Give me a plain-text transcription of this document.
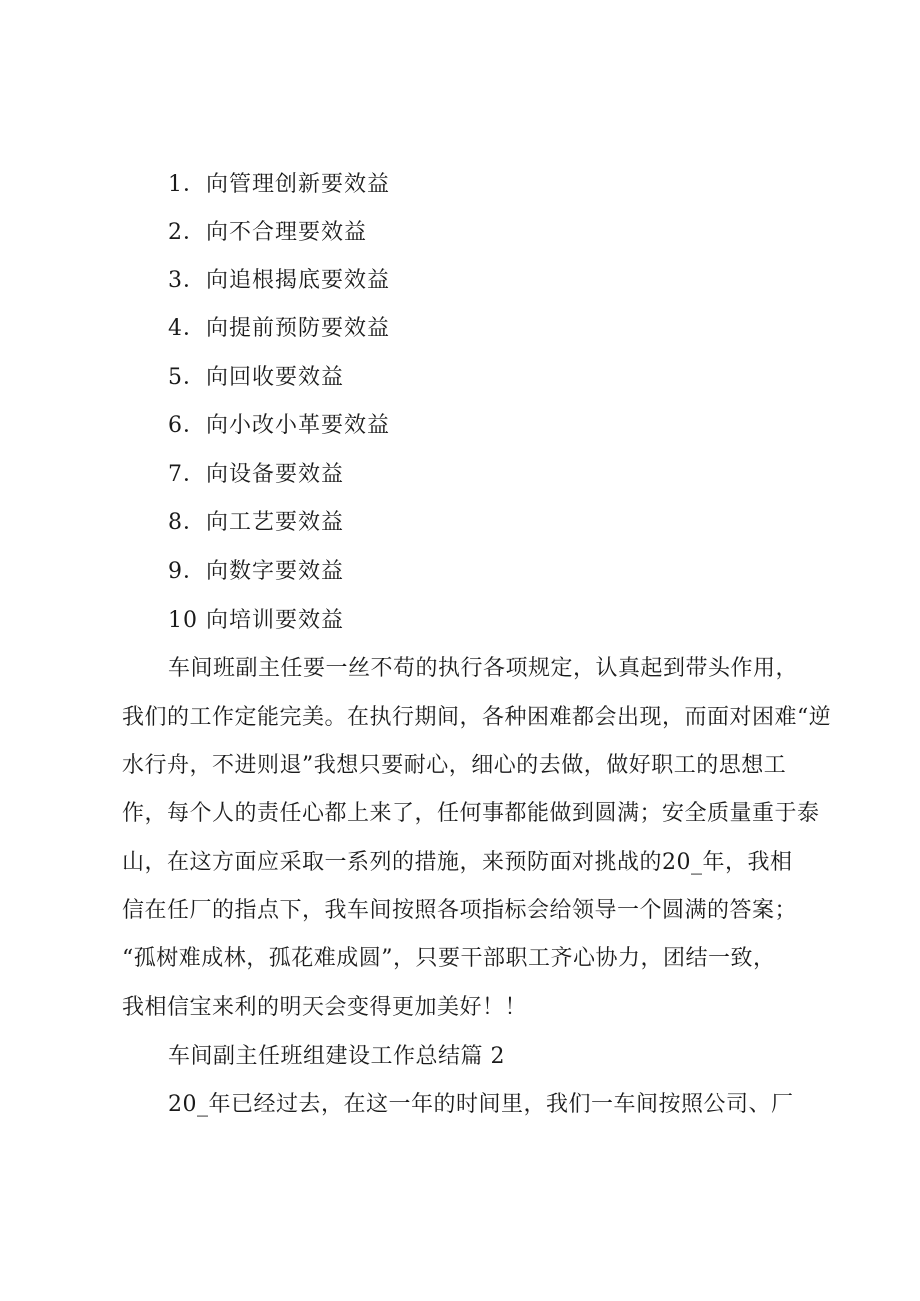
1．向管理创新要效益
2．向不合理要效益
3．向追根揭底要效益
4．向提前预防要效益
5．向回收要效益
6．向小改小革要效益
7．向设备要效益
8．向工艺要效益
9．向数字要效益
10 向培训要效益
车间班副主任要一丝不苟的执行各项规定，认真起到带头作用，
我们的工作定能完美。在执行期间，各种困难都会出现，而面对困难“逆
水行舟，不进则退”我想只要耐心，细心的去做，做好职工的思想工
作，每个人的责任心都上来了，任何事都能做到圆满；安全质量重于泰
山，在这方面应采取一系列的措施，来预防面对挑战的20_年，我相
信在任厂的指点下，我车间按照各项指标会给领导一个圆满的答案；
“孤树难成林，孤花难成圆”，只要干部职工齐心协力，团结一致，
我相信宝来利的明天会变得更加美好！！
车间副主任班组建设工作总结篇 2
20_年已经过去，在这一年的时间里，我们一车间按照公司、厂
